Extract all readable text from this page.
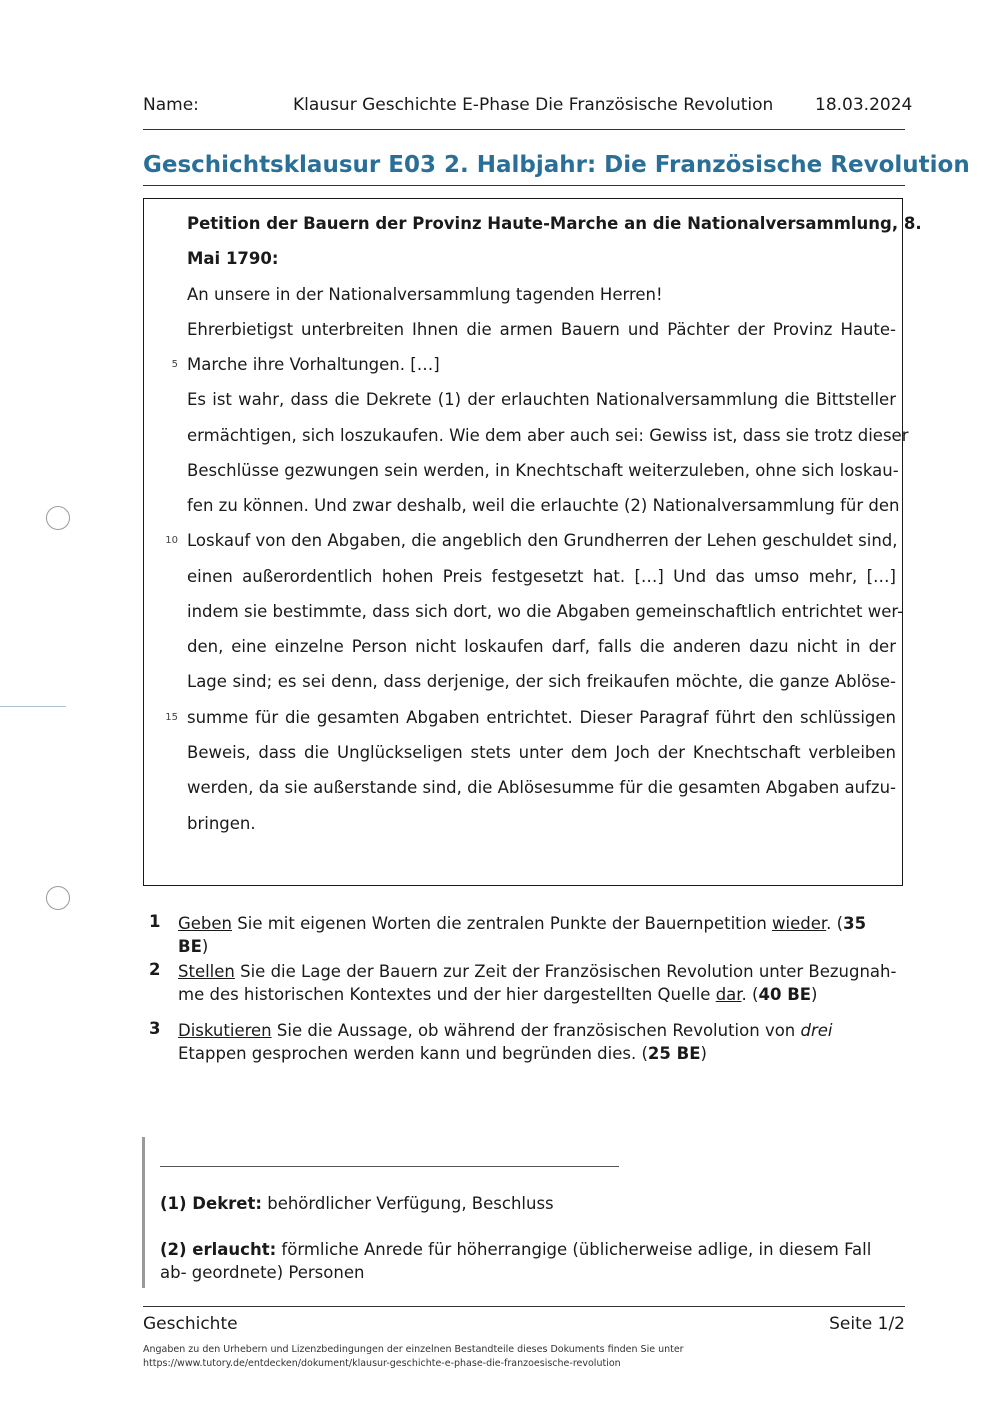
Name:	Klausur Geschichte E-Phase Die Französische Revolution 18.03.2024
Geschichtsklausur E03 2. Halbjahr: Die Französische Revolution
Petition der Bauern der Provinz Haute-Marche an die Nationalversammlung, 8.
Mai 1790:
An unsere in der Nationalversammlung tagenden Herren!
Ehrerbietigst unterbreiten Ihnen die armen Bauern und Pächter der Provinz Haute-
Marche ihre Vorhaltungen. […]
Es ist wahr, dass die Dekrete (1) der erlauchten Nationalversammlung die Bittsteller
ermächtigen, sich loszukaufen. Wie dem aber auch sei: Gewiss ist, dass sie trotz dieser
Beschlüsse gezwungen sein werden, in Knechtschaft weiterzuleben, ohne sich loskau-
fen zu können. Und zwar deshalb, weil die erlauchte (2) Nationalversammlung für den
Loskauf von den Abgaben, die angeblich den Grundherren der Lehen geschuldet sind,
einen außerordentlich hohen Preis festgesetzt hat. […] Und das umso mehr, […]
indem sie bestimmte, dass sich dort, wo die Abgaben gemeinschaftlich entrichtet wer-
den, eine einzelne Person nicht loskaufen darf, falls die anderen dazu nicht in der
Lage sind; es sei denn, dass derjenige, der sich freikaufen möchte, die ganze Ablöse-
summe für die gesamten Abgaben entrichtet. Dieser Paragraf führt den schlüssigen
Beweis, dass die Unglückseligen stets unter dem Joch der Knechtschaft verbleiben
werden, da sie außerstande sind, die Ablösesumme für die gesamten Abgaben aufzu-
bringen.
5
10
15
1 Geben Sie mit eigenen Worten die zentralen Punkte der Bauernpetition wieder. (35 BE)
2 Stellen Sie die Lage der Bauern zur Zeit der Französischen Revolution unter Bezugnah- me des historischen Kontextes und der hier dargestellten Quelle dar. (40 BE)
3 Diskutieren Sie die Aussage, ob während der französischen Revolution von drei Etappen gesprochen werden kann und begründen dies. (25 BE)
(1) Dekret: behördlicher Verfügung, Beschluss
(2) erlaucht: förmliche Anrede für höherrangige (üblicherweise adlige, in diesem Fall ab- geordnete) Personen
Geschichte	Seite 1/2
Angaben zu den Urhebern und Lizenzbedingungen der einzelnen Bestandteile dieses Dokuments finden Sie unter
https://www.tutory.de/entdecken/dokument/klausur-geschichte-e-phase-die-franzoesische-revolution
